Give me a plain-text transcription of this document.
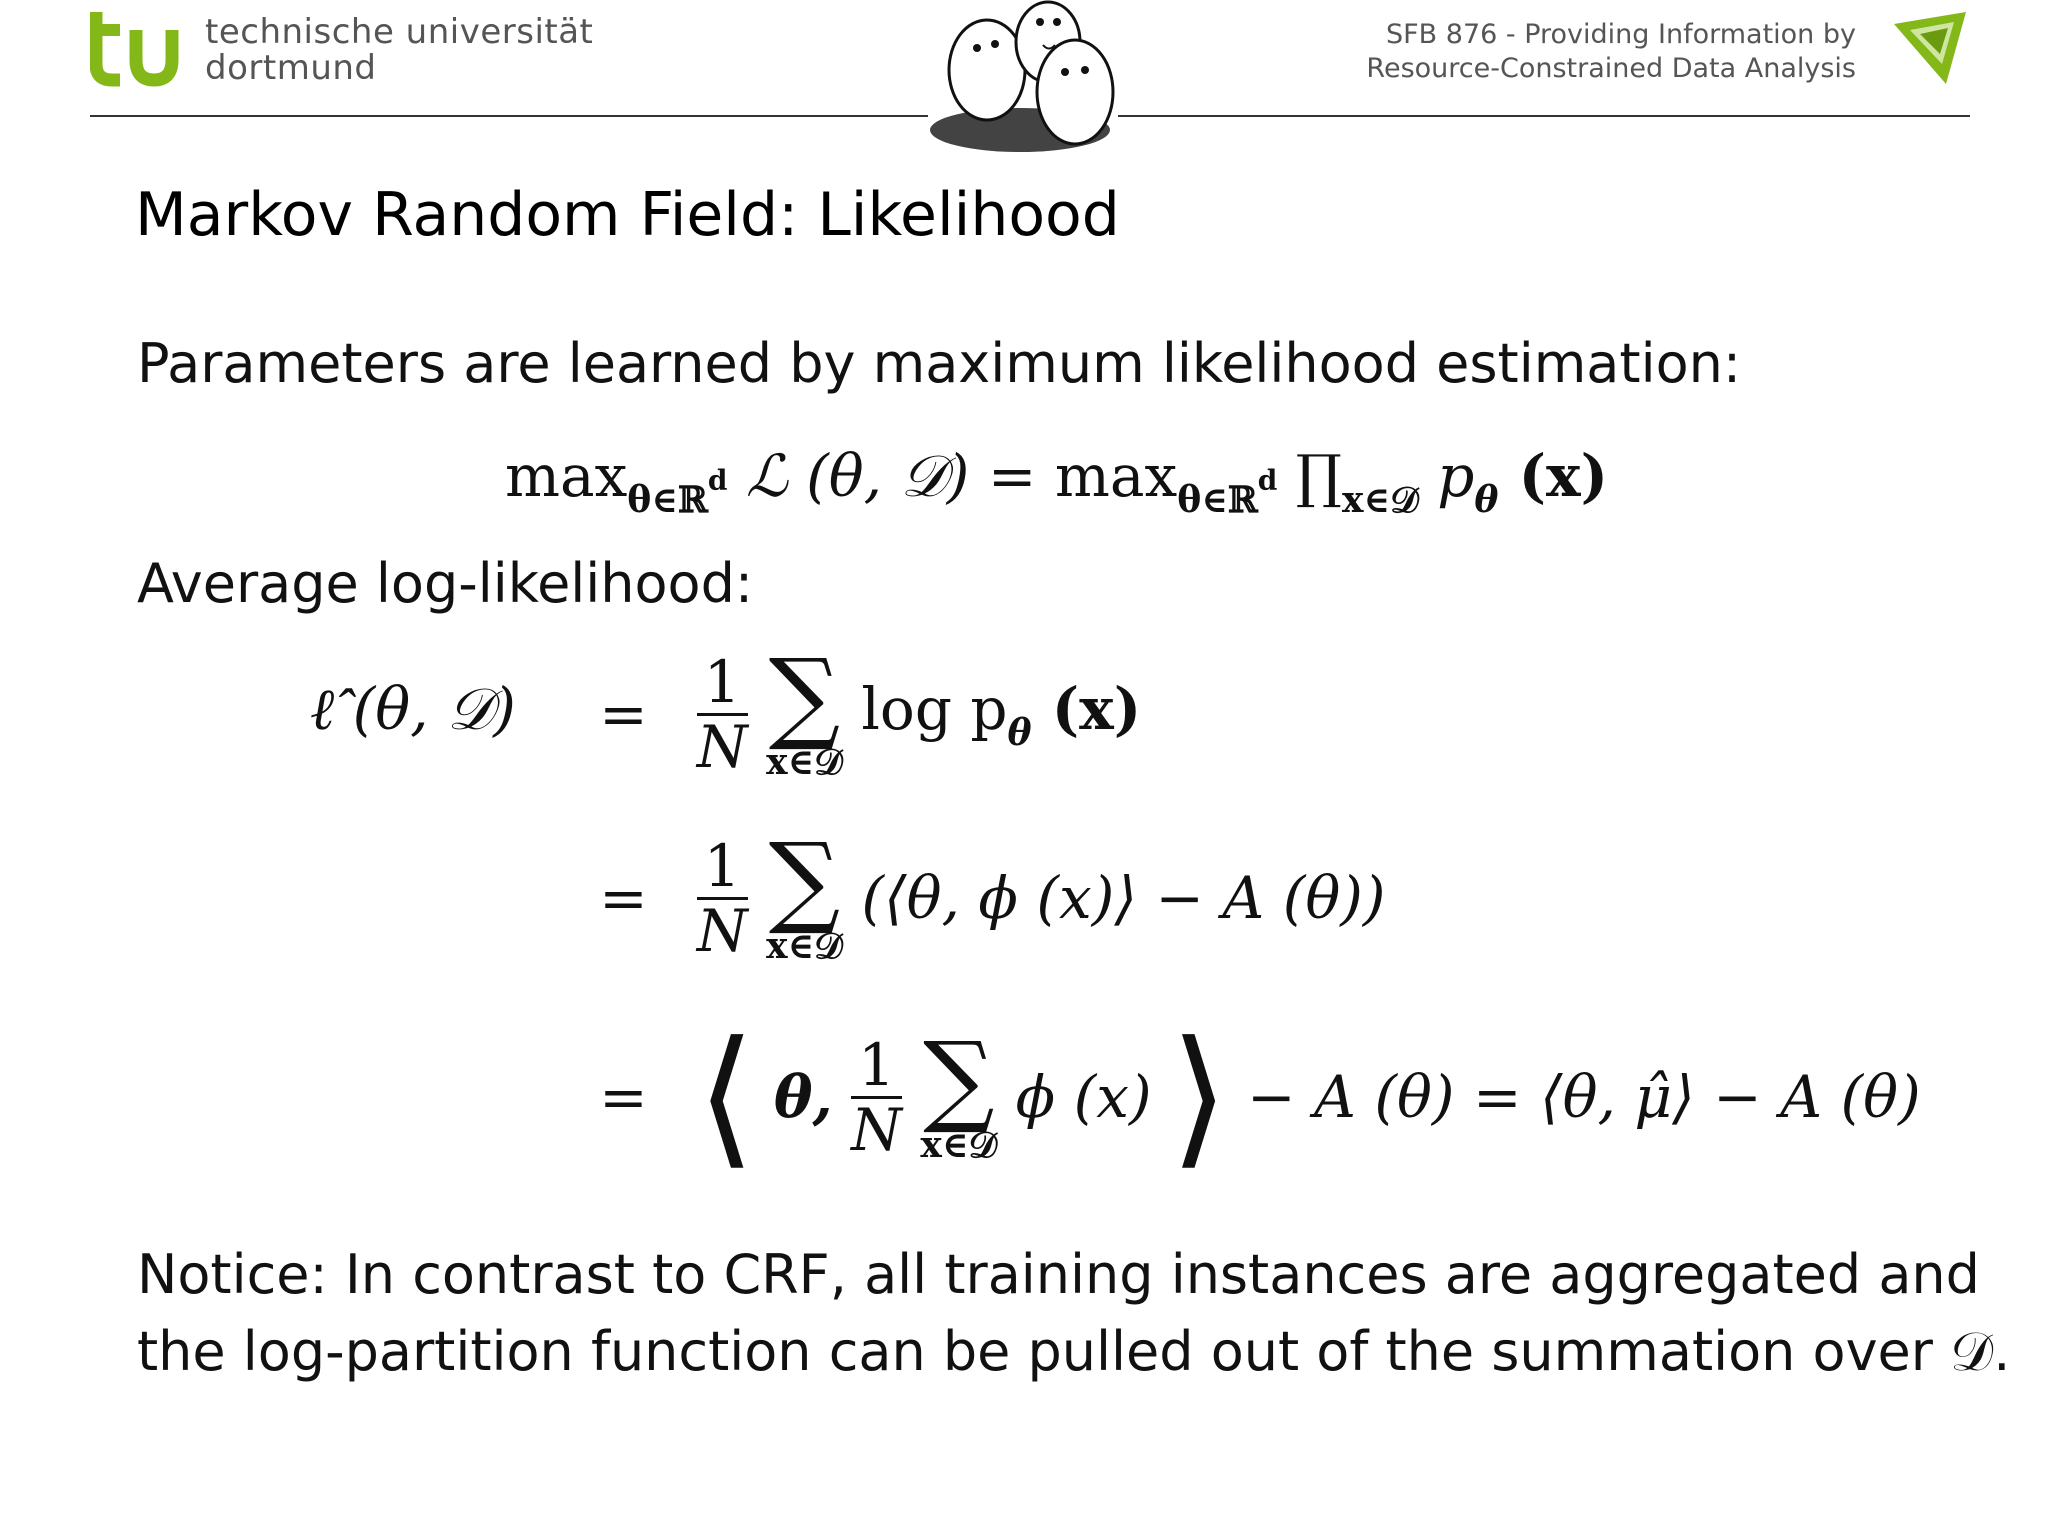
technische universität
dortmund
SFB 876 - Providing Information by
Resource-Constrained Data Analysis
Markov Random Field: Likelihood
Parameters are learned by maximum likelihood estimation:
$\max_{\theta\in ℝ^d}$ ℒ (θ, 𝒟) = $\max_{\theta\in ℝ^d}$ $\prod_{x\in 𝒟}$ $p_\theta$ (x)
Average log-likelihood:
ℓ̂ (θ, 𝒟) = $\frac{1}{N}$
∑
x∈𝒟
$\log p_\theta$ (x)
= $\frac{1}{N}$
∑
x∈𝒟
(⟨θ, ϕ (x)⟩ − A (θ))
= ⟨ θ, $\frac{1}{N}$
∑
x∈𝒟
ϕ (x) ⟩ − A (θ) = ⟨θ, μ̂⟩ − A (θ)
Notice: In contrast to CRF, all training instances are aggregated and
the log-partition function can be pulled out of the summation over 𝒟.
